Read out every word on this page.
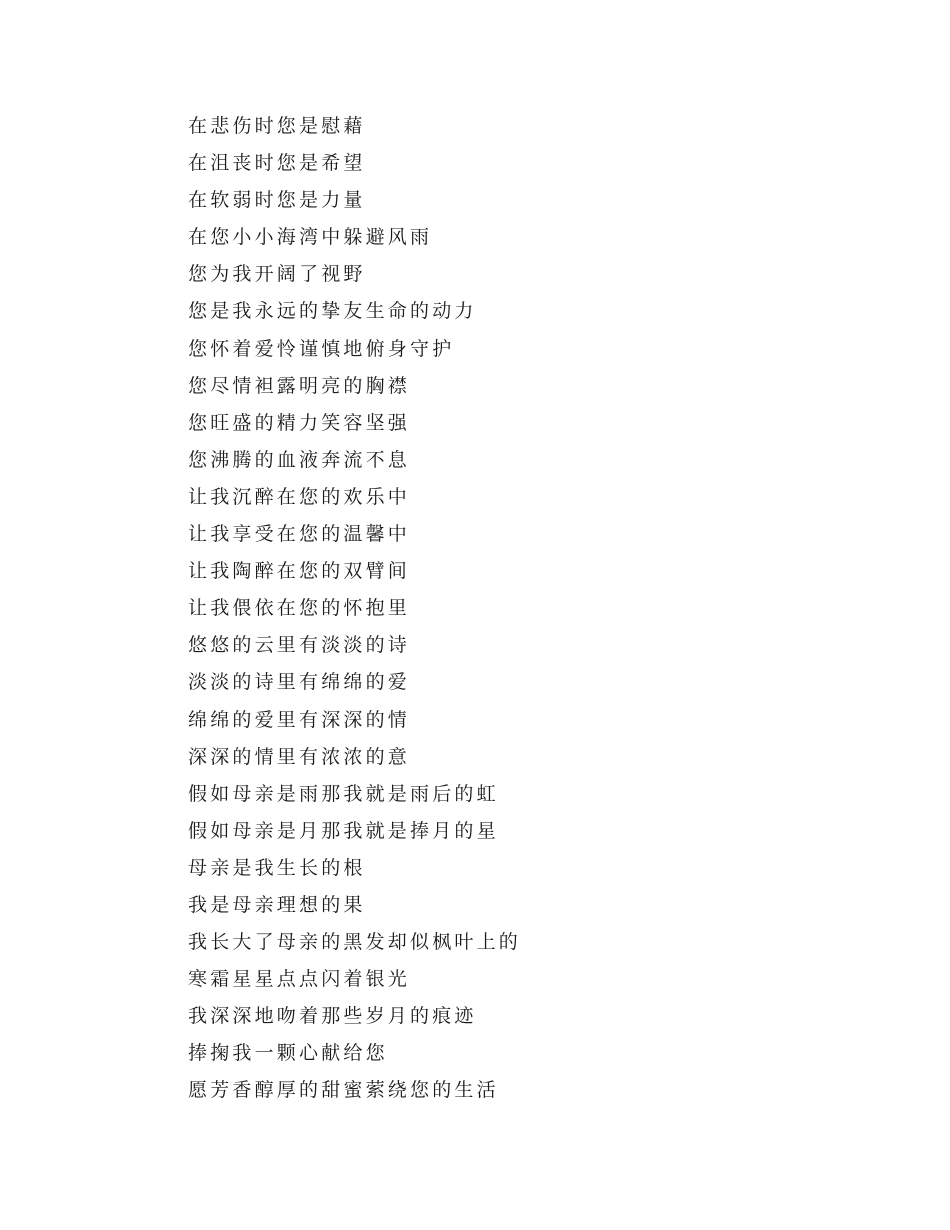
在悲伤时您是慰藉
在沮丧时您是希望
在软弱时您是力量
在您小小海湾中躲避风雨
您为我开阔了视野
您是我永远的挚友生命的动力
您怀着爱怜谨慎地俯身守护
您尽情袒露明亮的胸襟
您旺盛的精力笑容坚强
您沸腾的血液奔流不息
让我沉醉在您的欢乐中
让我享受在您的温馨中
让我陶醉在您的双臂间
让我偎依在您的怀抱里
悠悠的云里有淡淡的诗
淡淡的诗里有绵绵的爱
绵绵的爱里有深深的情
深深的情里有浓浓的意
假如母亲是雨那我就是雨后的虹
假如母亲是月那我就是捧月的星
母亲是我生长的根
我是母亲理想的果
我长大了母亲的黑发却似枫叶上的
寒霜星星点点闪着银光
我深深地吻着那些岁月的痕迹
捧掬我一颗心献给您
愿芳香醇厚的甜蜜萦绕您的生活
